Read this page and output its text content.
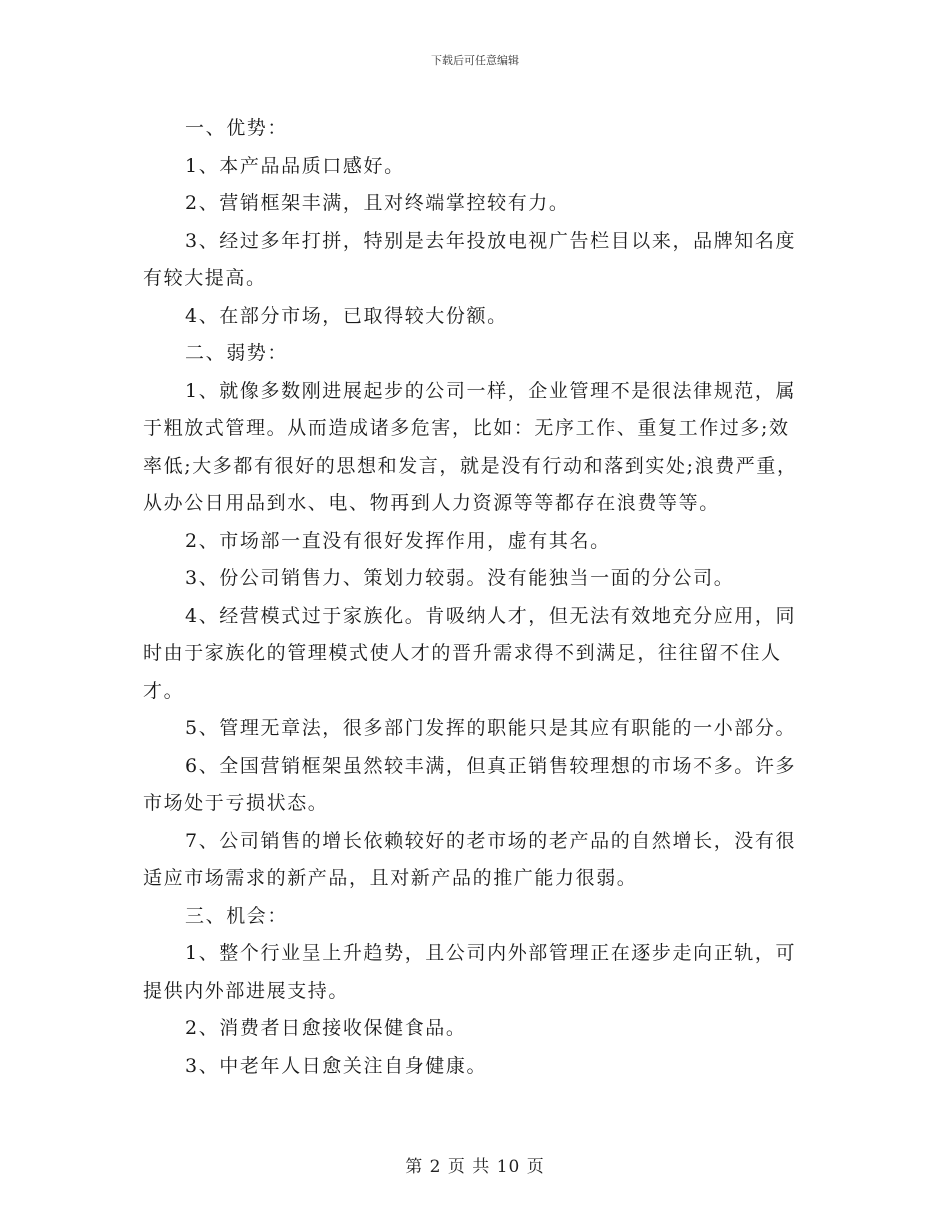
下载后可任意编辑

一、优势：

1、本产品品质口感好。

2、营销框架丰满，且对终端掌控较有力。

3、经过多年打拼，特别是去年投放电视广告栏目以来，品牌知名度有较大提高。

4、在部分市场，已取得较大份额。

二、弱势：

1、就像多数刚进展起步的公司一样，企业管理不是很法律规范，属于粗放式管理。从而造成诸多危害，比如：无序工作、重复工作过多;效率低;大多都有很好的思想和发言，就是没有行动和落到实处;浪费严重，从办公日用品到水、电、物再到人力资源等等都存在浪费等等。

2、市场部一直没有很好发挥作用，虚有其名。

3、份公司销售力、策划力较弱。没有能独当一面的分公司。

4、经营模式过于家族化。肯吸纳人才，但无法有效地充分应用，同时由于家族化的管理模式使人才的晋升需求得不到满足，往往留不住人才。

5、管理无章法，很多部门发挥的职能只是其应有职能的一小部分。

6、全国营销框架虽然较丰满，但真正销售较理想的市场不多。许多市场处于亏损状态。

7、公司销售的增长依赖较好的老市场的老产品的自然增长，没有很适应市场需求的新产品，且对新产品的推广能力很弱。

三、机会：

1、整个行业呈上升趋势，且公司内外部管理正在逐步走向正轨，可提供内外部进展支持。

2、消费者日愈接收保健食品。

3、中老年人日愈关注自身健康。

第 2 页 共 10 页
